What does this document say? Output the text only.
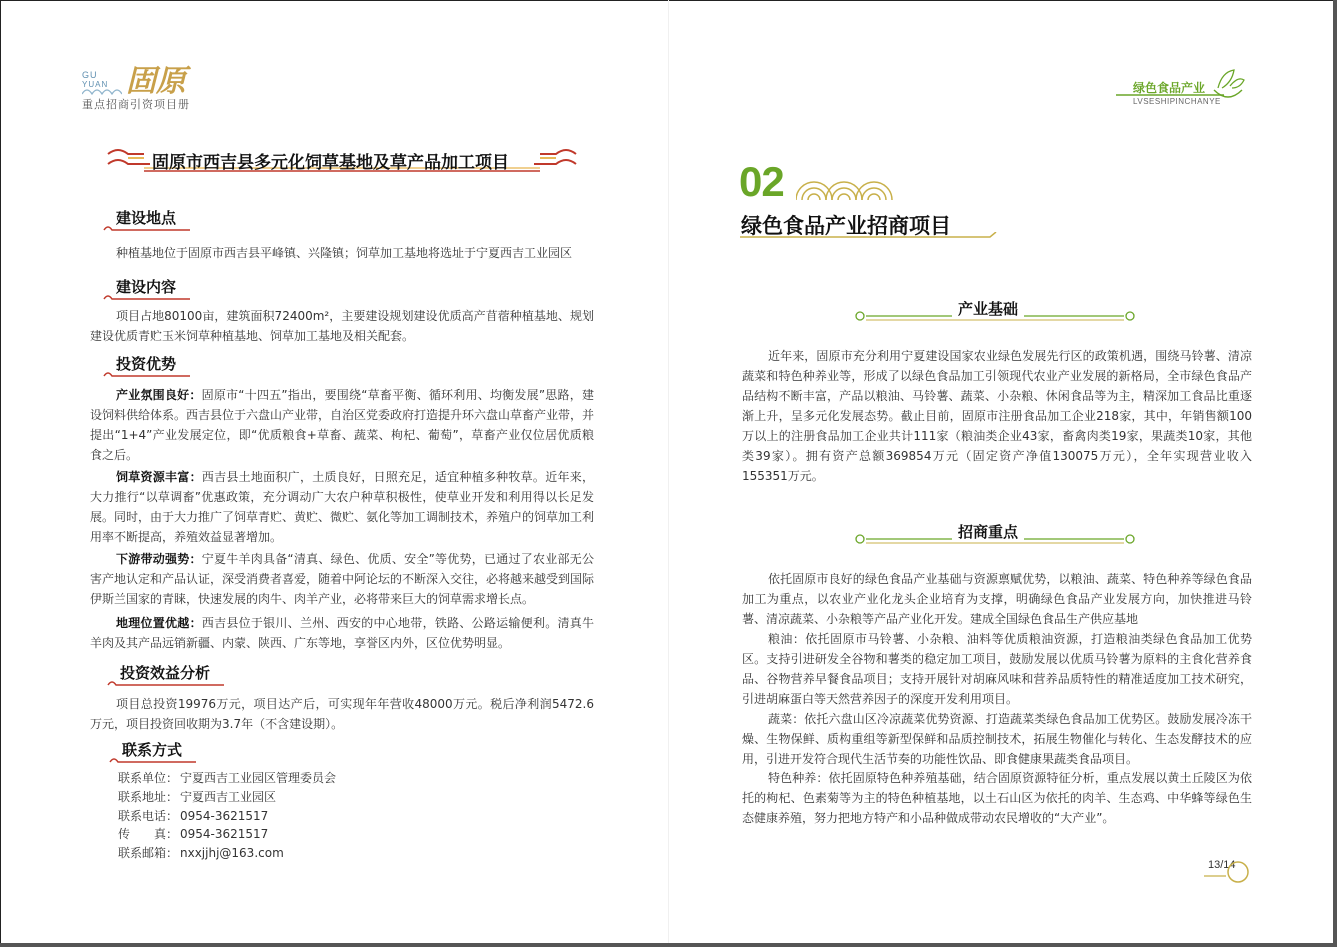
GU
YUAN 固原
重点招商引资项目册
固原市西吉县多元化饲草基地及草产品加工项目
建设地点
种植基地位于固原市西吉县平峰镇、兴隆镇；饲草加工基地将选址于宁夏西吉工业园区
建设内容
项目占地80100亩，建筑面积72400m²，主要建设规划建设优质高产苜蓿种植基地、规划建设优质青贮玉米饲草种植基地、饲草加工基地及相关配套。
投资优势
产业氛围良好：固原市“十四五”指出，要围绕“草畜平衡、循环利用、均衡发展”思路，建设饲料供给体系。西吉县位于六盘山产业带，自治区党委政府打造提升环六盘山草畜产业带，并提出“1+4”产业发展定位，即“优质粮食+草畜、蔬菜、枸杞、葡萄”，草畜产业仅位居优质粮食之后。
饲草资源丰富：西吉县土地面积广，土质良好，日照充足，适宜种植多种牧草。近年来，大力推行“以草调畜”优惠政策，充分调动广大农户种草积极性，使草业开发和利用得以长足发展。同时，由于大力推广了饲草青贮、黄贮、微贮、氨化等加工调制技术，养殖户的饲草加工利用率不断提高，养殖效益显著增加。
下游带动强势：宁夏牛羊肉具备“清真、绿色、优质、安全”等优势，已通过了农业部无公害产地认定和产品认证，深受消费者喜爱，随着中阿论坛的不断深入交往，必将越来越受到国际伊斯兰国家的青睐，快速发展的肉牛、肉羊产业，必将带来巨大的饲草需求增长点。
地理位置优越：西吉县位于银川、兰州、西安的中心地带，铁路、公路运输便利。清真牛羊肉及其产品远销新疆、内蒙、陕西、广东等地，享誉区内外，区位优势明显。
投资效益分析
项目总投资19976万元，项目达产后，可实现年年营收48000万元。税后净利润5472.6万元，项目投资回收期为3.7年（不含建设期）。
联系方式
联系单位： 宁夏西吉工业园区管理委员会
联系地址： 宁夏西吉工业园区
联系电话： 0954-3621517
传　　真： 0954-3621517
联系邮箱： nxxjjhj@163.com
绿色食品产业
LVSESHIPINCHANYE
02
绿色食品产业招商项目
产业基础
近年来，固原市充分利用宁夏建设国家农业绿色发展先行区的政策机遇，围绕马铃薯、清凉蔬菜和特色种养业等，形成了以绿色食品加工引领现代农业产业发展的新格局，全市绿色食品产品结构不断丰富，产品以粮油、马铃薯、蔬菜、小杂粮、休闲食品等为主，精深加工食品比重逐渐上升，呈多元化发展态势。截止目前，固原市注册食品加工企业218家，其中，年销售额100万以上的注册食品加工企业共计111家（粮油类企业43家，畜禽肉类19家，果蔬类10家，其他类39家）。拥有资产总额369854万元（固定资产净值130075万元），全年实现营业收入155351万元。
招商重点
依托固原市良好的绿色食品产业基础与资源禀赋优势，以粮油、蔬菜、特色种养等绿色食品加工为重点，以农业产业化龙头企业培育为支撑，明确绿色食品产业发展方向，加快推进马铃薯、清凉蔬菜、小杂粮等产品产业化开发。建成全国绿色食品生产供应基地
粮油：依托固原市马铃薯、小杂粮、油料等优质粮油资源，打造粮油类绿色食品加工优势区。支持引进研发全谷物和薯类的稳定加工项目，鼓励发展以优质马铃薯为原料的主食化营养食品、谷物营养早餐食品项目；支持开展针对胡麻风味和营养品质特性的精准适度加工技术研究，引进胡麻蛋白等天然营养因子的深度开发利用项目。
蔬菜：依托六盘山区冷凉蔬菜优势资源、打造蔬菜类绿色食品加工优势区。鼓励发展冷冻干燥、生物保鲜、质构重组等新型保鲜和品质控制技术，拓展生物催化与转化、生态发酵技术的应用，引进开发符合现代生活节奏的功能性饮品、即食健康果蔬类食品项目。
特色种养：依托固原特色种养殖基础，结合固原资源特征分析，重点发展以黄土丘陵区为依托的枸杞、色素菊等为主的特色种植基地，以土石山区为依托的肉羊、生态鸡、中华蜂等绿色生态健康养殖，努力把地方特产和小品种做成带动农民增收的“大产业”。
13/14
